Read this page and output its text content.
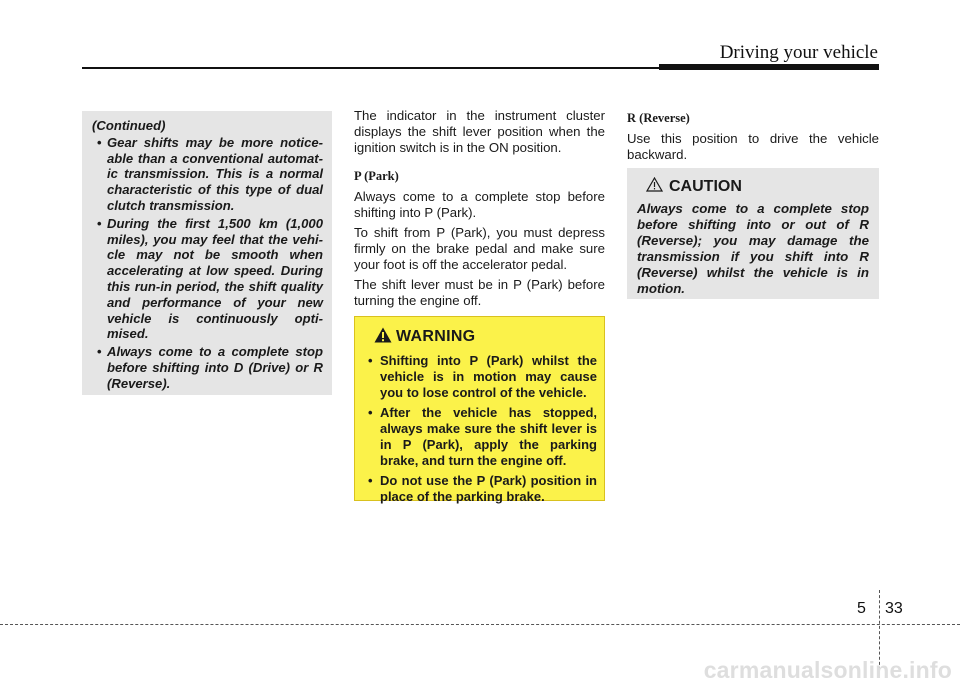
Driving your vehicle
(Continued)
• Gear shifts may be more notice-able than a conventional automat-ic transmission. This is a normal characteristic of this type of dual clutch transmission.
• During the first 1,500 km (1,000 miles), you may feel that the vehi-cle may not be smooth when accelerating at low speed. During this run-in period, the shift quality and performance of your new vehicle is continuously opti-mised.
• Always come to a complete stop before shifting into D (Drive) or R (Reverse).

The indicator in the instrument cluster displays the shift lever position when the ignition switch is in the ON position.

P (Park)

Always come to a complete stop before shifting into P (Park).

To shift from P (Park), you must depress firmly on the brake pedal and make sure your foot is off the accelerator pedal.

The shift lever must be in P (Park) before turning the engine off.

WARNING
• Shifting into P (Park) whilst the vehicle is in motion may cause you to lose control of the vehicle.
• After the vehicle has stopped, always make sure the shift lever is in P (Park), apply the parking brake, and turn the engine off.
• Do not use the P (Park) position in place of the parking brake.
R (Reverse)

Use this position to drive the vehicle backward.

CAUTION
Always come to a complete stop before shifting into or out of R (Reverse); you may damage the transmission if you shift into R (Reverse) whilst the vehicle is in motion.
5 33
carmanualsonline.info
